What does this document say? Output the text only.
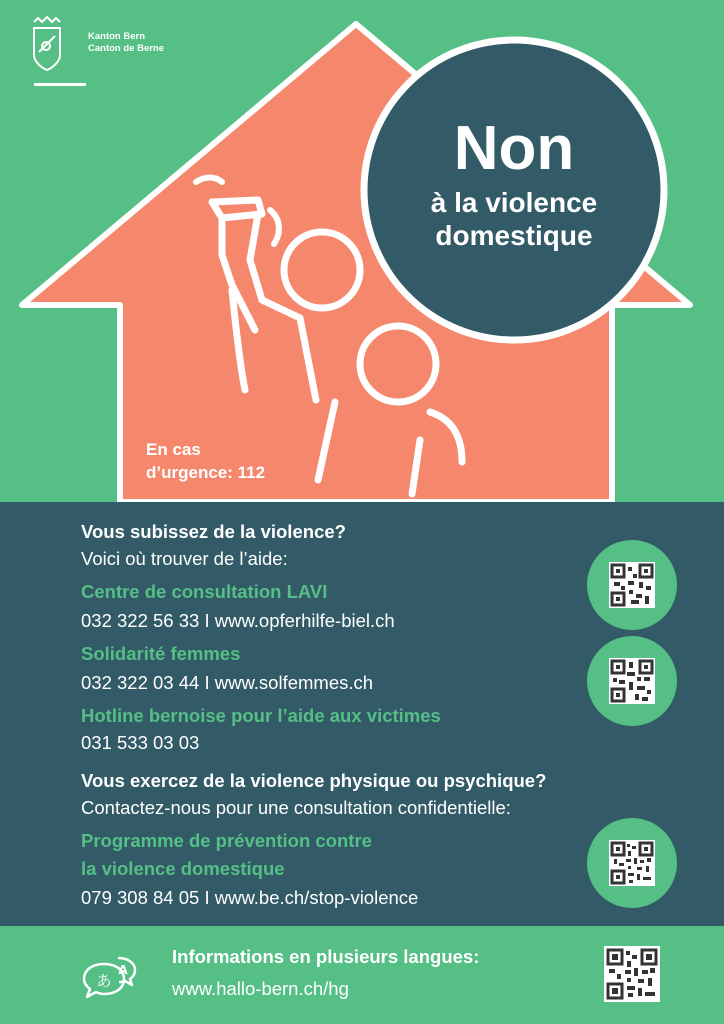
Kanton Bern
Canton de Berne
Non
à la violence
domestique
En cas
d’urgence: 112
Vous subissez de la violence?
Voici où trouver de l’aide:
Centre de consultation LAVI
032 322 56 33 I www.opferhilfe-biel.ch
Solidarité femmes
032 322 03 44 I www.solfemmes.ch
Hotline bernoise pour l’aide aux victimes
031 533 03 03
Vous exercez de la violence physique ou psychique?
Contactez-nous pour une consultation confidentielle:
Programme de prévention contre
la violence domestique
079 308 84 05 I www.be.ch/stop-violence
あ
A
Informations en plusieurs langues:
www.hallo-bern.ch/hg
